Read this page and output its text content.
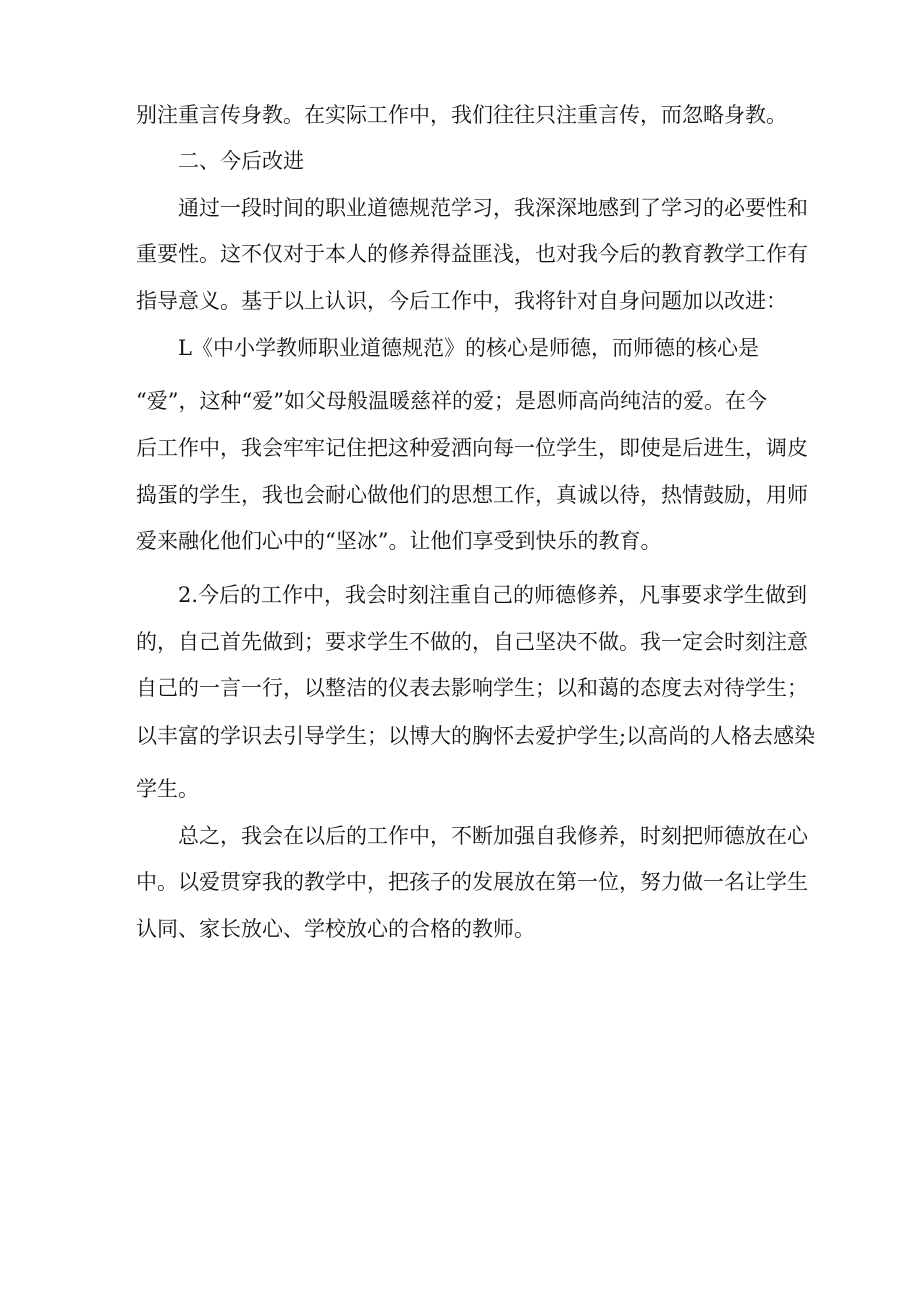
别注重言传身教。在实际工作中，我们往往只注重言传，而忽略身教。
二、今后改进
通过一段时间的职业道德规范学习，我深深地感到了学习的必要性和
重要性。这不仅对于本人的修养得益匪浅，也对我今后的教育教学工作有
指导意义。基于以上认识，今后工作中，我将针对自身问题加以改进：
L《中小学教师职业道德规范》的核心是师德，而师德的核心是
“爱”，这种“爱”如父母般温暖慈祥的爱；是恩师高尚纯洁的爱。在今
后工作中，我会牢牢记住把这种爱洒向每一位学生，即使是后进生，调皮
捣蛋的学生，我也会耐心做他们的思想工作，真诚以待，热情鼓励，用师
爱来融化他们心中的“坚冰”。让他们享受到快乐的教育。
2.今后的工作中，我会时刻注重自己的师德修养，凡事要求学生做到
的，自己首先做到；要求学生不做的，自己坚决不做。我一定会时刻注意
自己的一言一行，以整洁的仪表去影响学生；以和蔼的态度去对待学生；
以丰富的学识去引导学生；以博大的胸怀去爱护学生;以高尚的人格去感染
学生。
总之，我会在以后的工作中，不断加强自我修养，时刻把师德放在心
中。以爱贯穿我的教学中，把孩子的发展放在第一位，努力做一名让学生
认同、家长放心、学校放心的合格的教师。
